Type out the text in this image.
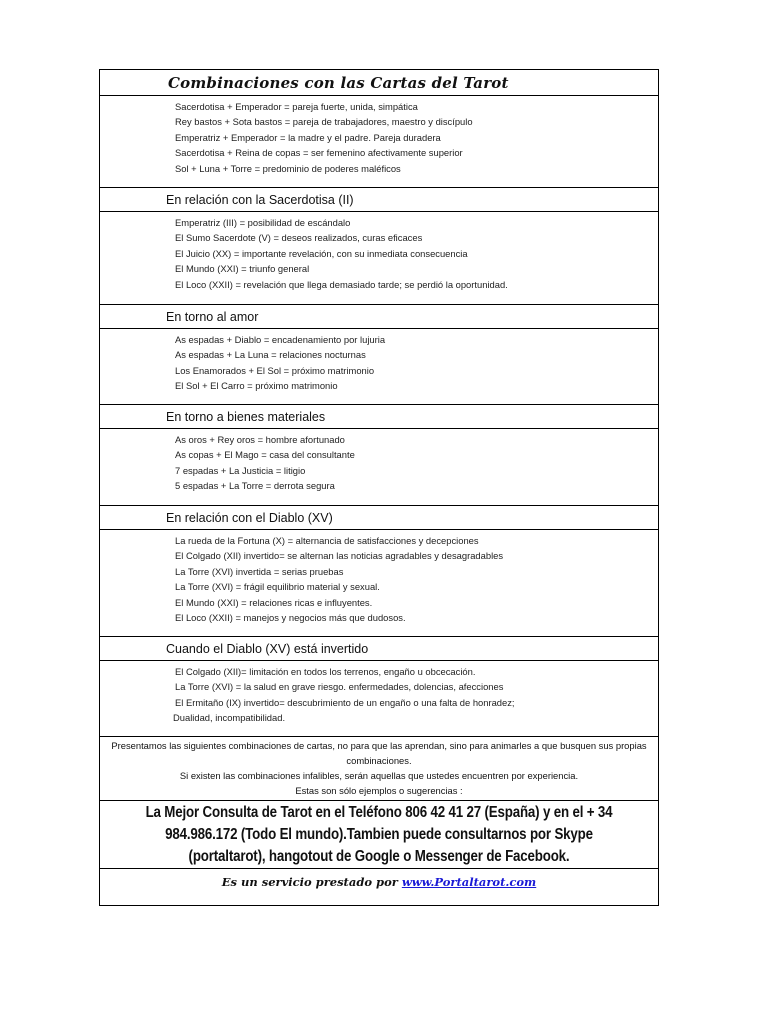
Combinaciones con las Cartas del Tarot
Sacerdotisa + Emperador = pareja fuerte, unida, simpática
Rey bastos + Sota bastos = pareja de trabajadores, maestro y discípulo
Emperatriz + Emperador = la madre y el padre. Pareja duradera
Sacerdotisa + Reina de copas = ser femenino afectivamente superior
Sol + Luna + Torre = predominio de poderes maléficos
En relación con la Sacerdotisa (II)
Emperatriz (III) = posibilidad de escándalo
El Sumo Sacerdote (V) = deseos realizados, curas eficaces
El Juicio (XX) = importante revelación, con su inmediata consecuencia
El Mundo (XXI) = triunfo general
El Loco (XXII) = revelación que llega demasiado tarde; se perdió la oportunidad.
En torno al amor
As espadas + Diablo = encadenamiento por lujuria
As espadas + La Luna = relaciones nocturnas
Los Enamorados + El Sol = próximo matrimonio
El Sol + El Carro = próximo matrimonio
En torno a bienes materiales
As oros + Rey oros = hombre afortunado
As copas + El Mago = casa del consultante
7 espadas + La Justicia = litigio
5 espadas + La Torre = derrota segura
En relación con el Diablo (XV)
La rueda de la Fortuna (X) = alternancia de satisfacciones y decepciones
El Colgado (XII) invertido= se alternan las noticias agradables y desagradables
La Torre (XVI) invertida = serias pruebas
La Torre (XVI) = frágil equilibrio material y sexual.
El Mundo (XXI) = relaciones ricas e influyentes.
El Loco (XXII) = manejos y negocios más que dudosos.
Cuando el Diablo (XV) está invertido
El Colgado (XII)= limitación en todos los terrenos, engaño u obcecación.
La Torre (XVI) = la salud en grave riesgo. enfermedades, dolencias, afecciones
El Ermitaño (IX) invertido= descubrimiento de un engaño o una falta de honradez;
Dualidad, incompatibilidad.
Presentamos las siguientes combinaciones de cartas, no para que las aprendan, sino para animarles a que busquen sus propias combinaciones.
Si existen las combinaciones infalibles, serán aquellas que ustedes encuentren por experiencia.
Estas son sólo ejemplos o sugerencias :
La Mejor Consulta de Tarot en el Teléfono 806 42 41 27 (España) y en el + 34 984.986.172 (Todo El mundo).Tambien puede consultarnos por Skype (portaltarot), hangotout de Google o Messenger de Facebook.
Es un servicio prestado por www.Portaltarot.com
